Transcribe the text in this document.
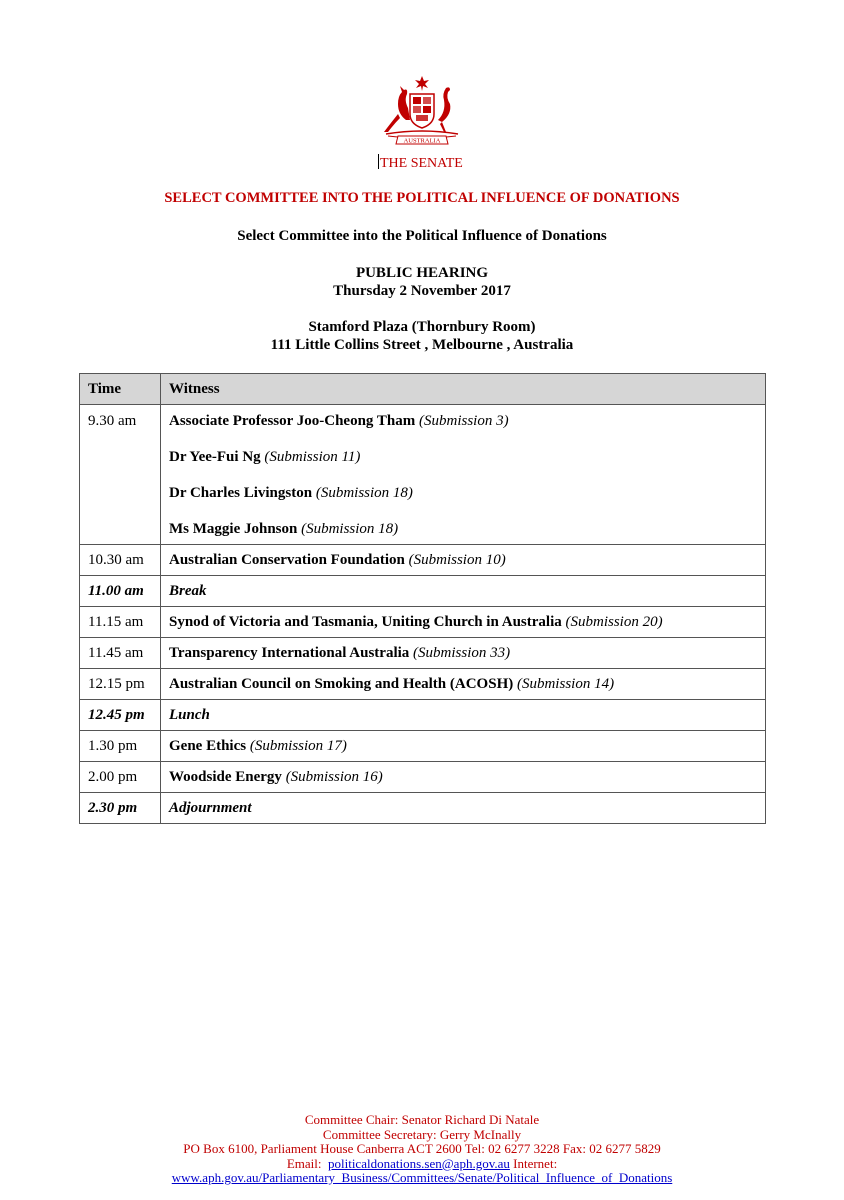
AUSTRALIA
THE SENATE
SELECT COMMITTEE INTO THE POLITICAL INFLUENCE OF DONATIONS
Select Committee into the Political Influence of Donations
PUBLIC HEARING
Thursday 2 November 2017
Stamford Plaza (Thornbury Room)
111 Little Collins Street , Melbourne , Australia
Time	Witness
9.30 am	Associate Professor Joo-Cheong Tham (Submission 3)
Dr Yee-Fui Ng (Submission 11)
Dr Charles Livingston (Submission 18)
Ms Maggie Johnson (Submission 18)

10.30 am	Australian Conservation Foundation (Submission 10)
11.00 am	Break
11.15 am	Synod of Victoria and Tasmania, Uniting Church in Australia (Submission 20)
11.45 am	Transparency International Australia (Submission 33)
12.15 pm	Australian Council on Smoking and Health (ACOSH) (Submission 14)
12.45 pm	Lunch
1.30 pm	Gene Ethics (Submission 17)
2.00 pm	Woodside Energy (Submission 16)
2.30 pm	Adjournment
Committee Chair: Senator Richard Di Natale
Committee Secretary: Gerry McInally
PO Box 6100, Parliament House Canberra ACT 2600 Tel: 02 6277 3228 Fax: 02 6277 5829
Email: politicaldonations.sen@aph.gov.au Internet:
www.aph.gov.au/Parliamentary_Business/Committees/Senate/Political_Influence_of_Donations
